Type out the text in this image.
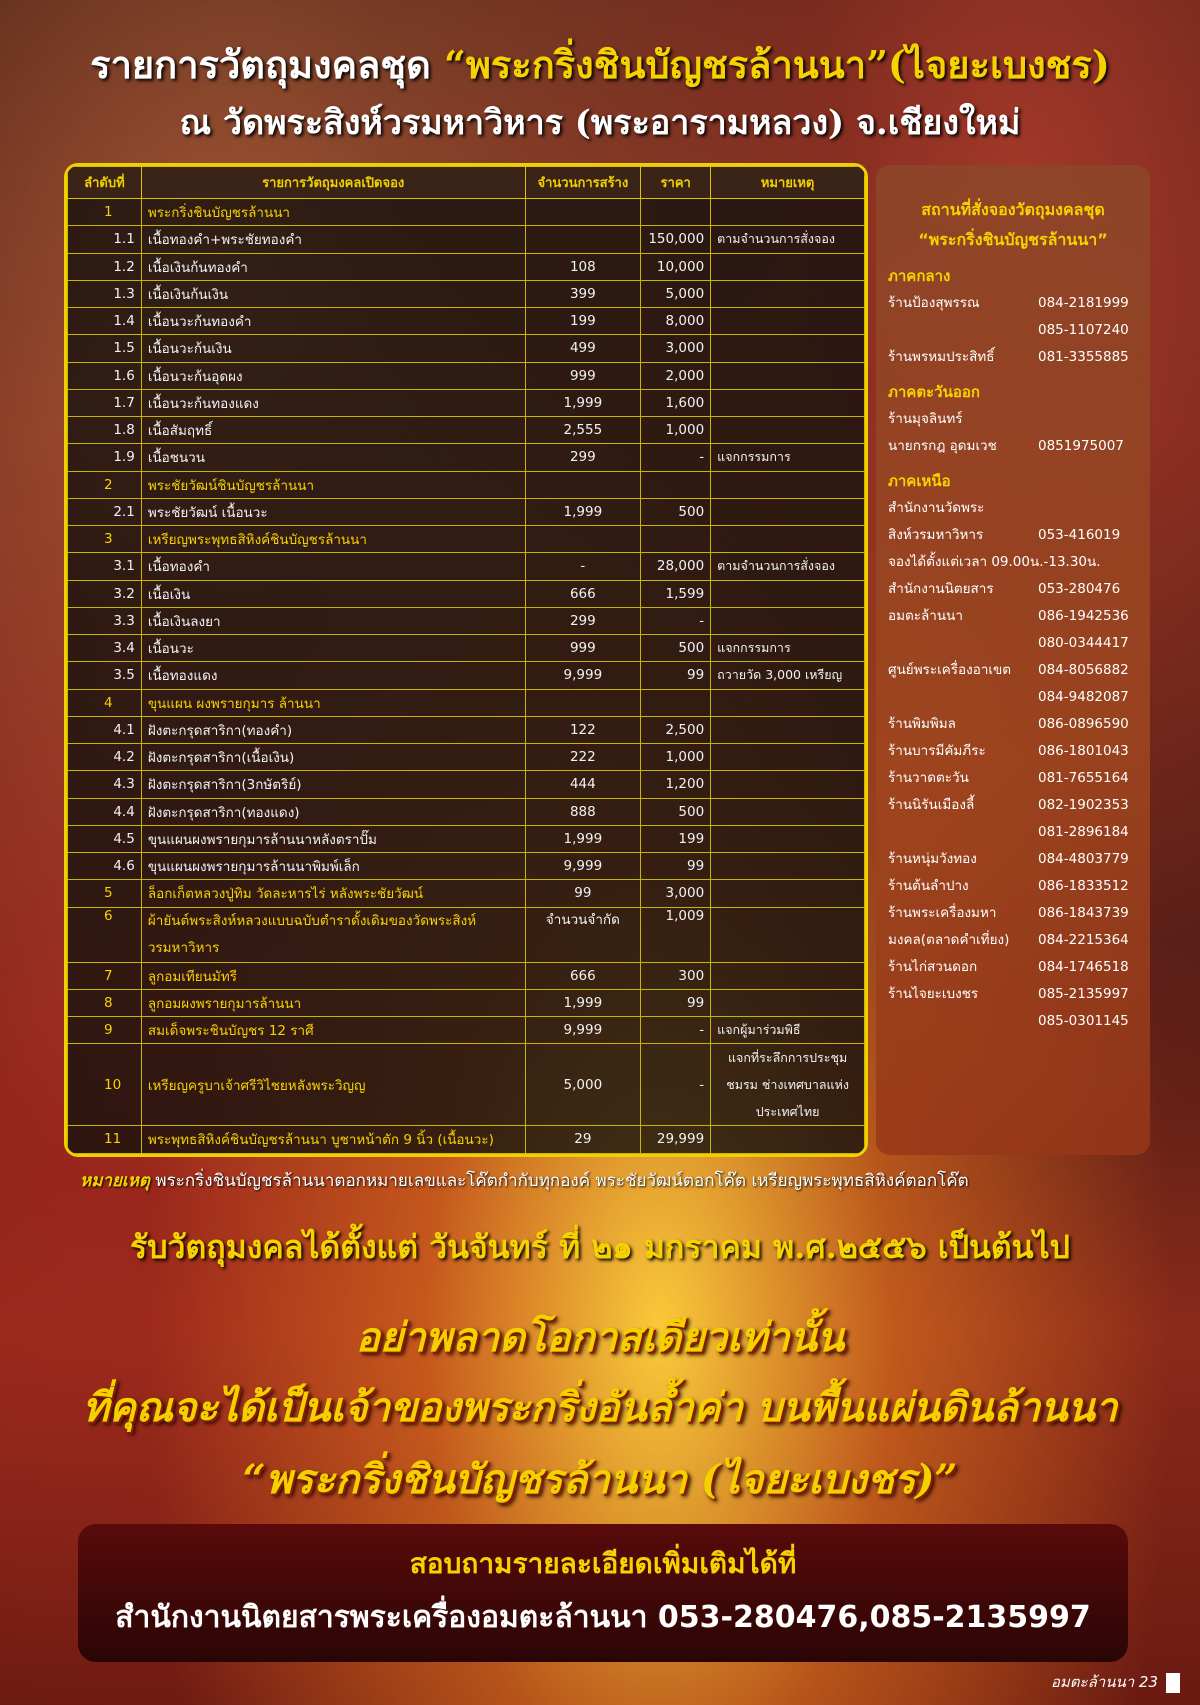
รายการวัตถุมงคลชุด “พระกริ่งชินบัญชรล้านนา”(ไจยะเบงชร)
ณ วัดพระสิงห์วรมหาวิหาร (พระอารามหลวง) จ.เชียงใหม่
ลำดับที่	รายการวัตถุมงคลเปิดจอง	จำนวนการสร้าง	ราคา	หมายเหตุ
1	พระกริ่งชินบัญชรล้านนา			
1.1	เนื้อทองคำ+พระชัยทองคำ		150,000	ตามจำนวนการสั่งจอง
1.2	เนื้อเงินก้นทองคำ	108	10,000	
1.3	เนื้อเงินก้นเงิน	399	5,000	
1.4	เนื้อนวะก้นทองคำ	199	8,000	
1.5	เนื้อนวะก้นเงิน	499	3,000	
1.6	เนื้อนวะก้นอุดผง	999	2,000	
1.7	เนื้อนวะก้นทองแดง	1,999	1,600	
1.8	เนื้อสัมฤทธิ์	2,555	1,000	
1.9	เนื้อชนวน	299	-	แจกกรรมการ
2	พระชัยวัฒน์ชินบัญชรล้านนา			
2.1	พระชัยวัฒน์ เนื้อนวะ	1,999	500	
3	เหรียญพระพุทธสิหิงค์ชินบัญชรล้านนา			
3.1	เนื้อทองคำ	-	28,000	ตามจำนวนการสั่งจอง
3.2	เนื้อเงิน	666	1,599	
3.3	เนื้อเงินลงยา	299	-	
3.4	เนื้อนวะ	999	500	แจกกรรมการ
3.5	เนื้อทองแดง	9,999	99	ถวายวัด 3,000 เหรียญ
4	ขุนแผน ผงพรายกุมาร ล้านนา			
4.1	ฝังตะกรุดสาริกา(ทองคำ)	122	2,500	
4.2	ฝังตะกรุดสาริกา(เนื้อเงิน)	222	1,000	
4.3	ฝังตะกรุดสาริกา(3กษัตริย์)	444	1,200	
4.4	ฝังตะกรุดสาริกา(ทองแดง)	888	500	
4.5	ขุนแผนผงพรายกุมารล้านนาหลังตราปั๊ม	1,999	199	
4.6	ขุนแผนผงพรายกุมารล้านนาพิมพ์เล็ก	9,999	99	
5	ล็อกเก็ตหลวงปู่ทิม วัดละหารไร่ หลังพระชัยวัฒน์	99	3,000	
6	ผ้ายันต์พระสิงห์หลวงแบบฉบับตำราดั้งเดิมของวัดพระสิงห์วรมหาวิหาร	จำนวนจำกัด	1,009	
7	ลูกอมเทียนมัทรี	666	300	
8	ลูกอมผงพรายกุมารล้านนา	1,999	99	
9	สมเด็จพระชินบัญชร 12 ราศี	9,999	-	แจกผู้มาร่วมพิธี
10	เหรียญครูบาเจ้าศรีวิไชยหลังพระวิญญ	5,000	-	แจกที่ระลึกการประชุมชมรม ช่างเทศบาลแห่งประเทศไทย
11	พระพุทธสิหิงค์ชินบัญชรล้านนา บูชาหน้าตัก 9 นิ้ว (เนื้อนวะ)	29	29,999	
สถานที่สั่งจองวัตถุมงคลชุด
“พระกริ่งชินบัญชรล้านนา”
ภาคกลาง
ร้านป้องสุพรรณ	084-2181999
085-1107240
ร้านพรหมประสิทธิ์	081-3355885
ภาคตะวันออก
ร้านมุจลินทร์
นายกรกฎ อุดมเวช	0851975007
ภาคเหนือ
สำนักงานวัดพระ
สิงห์วรมหาวิหาร	053-416019
จองได้ตั้งแต่เวลา 09.00น.-13.30น.
สำนักงานนิตยสาร	053-280476
อมตะล้านนา	086-1942536
080-0344417
ศูนย์พระเครื่องอาเขต	084-8056882
084-9482087
ร้านพิมพิมล	086-0896590
ร้านบารมีคัมภีระ	086-1801043
ร้านวาดตะวัน	081-7655164
ร้านนิรันเมืองลี้	082-1902353
081-2896184
ร้านหนุ่มวังทอง	084-4803779
ร้านต้นลำปาง	086-1833512
ร้านพระเครื่องมหา	086-1843739
มงคล(ตลาดคำเที่ยง)	084-2215364
ร้านไก่สวนดอก	084-1746518
ร้านไจยะเบงชร	085-2135997
085-0301145
หมายเหตุ พระกริ่งชินบัญชรล้านนาตอกหมายเลขและโค๊ตกำกับทุกองค์ พระชัยวัฒน์ตอกโค๊ต เหรียญพระพุทธสิหิงค์ตอกโค๊ต
รับวัตถุมงคลได้ตั้งแต่ วันจันทร์ ที่ ๒๑ มกราคม พ.ศ.๒๕๕๖ เป็นต้นไป
อย่าพลาดโอกาสเดียวเท่านั้น
ที่คุณจะได้เป็นเจ้าของพระกริ่งอันล้ำค่า บนพื้นแผ่นดินล้านนา
“พระกริ่งชินบัญชรล้านนา (ไจยะเบงชร)”
สอบถามรายละเอียดเพิ่มเติมได้ที่
สำนักงานนิตยสารพระเครื่องอมตะล้านนา 053-280476,085-2135997
อมตะล้านนา 23
